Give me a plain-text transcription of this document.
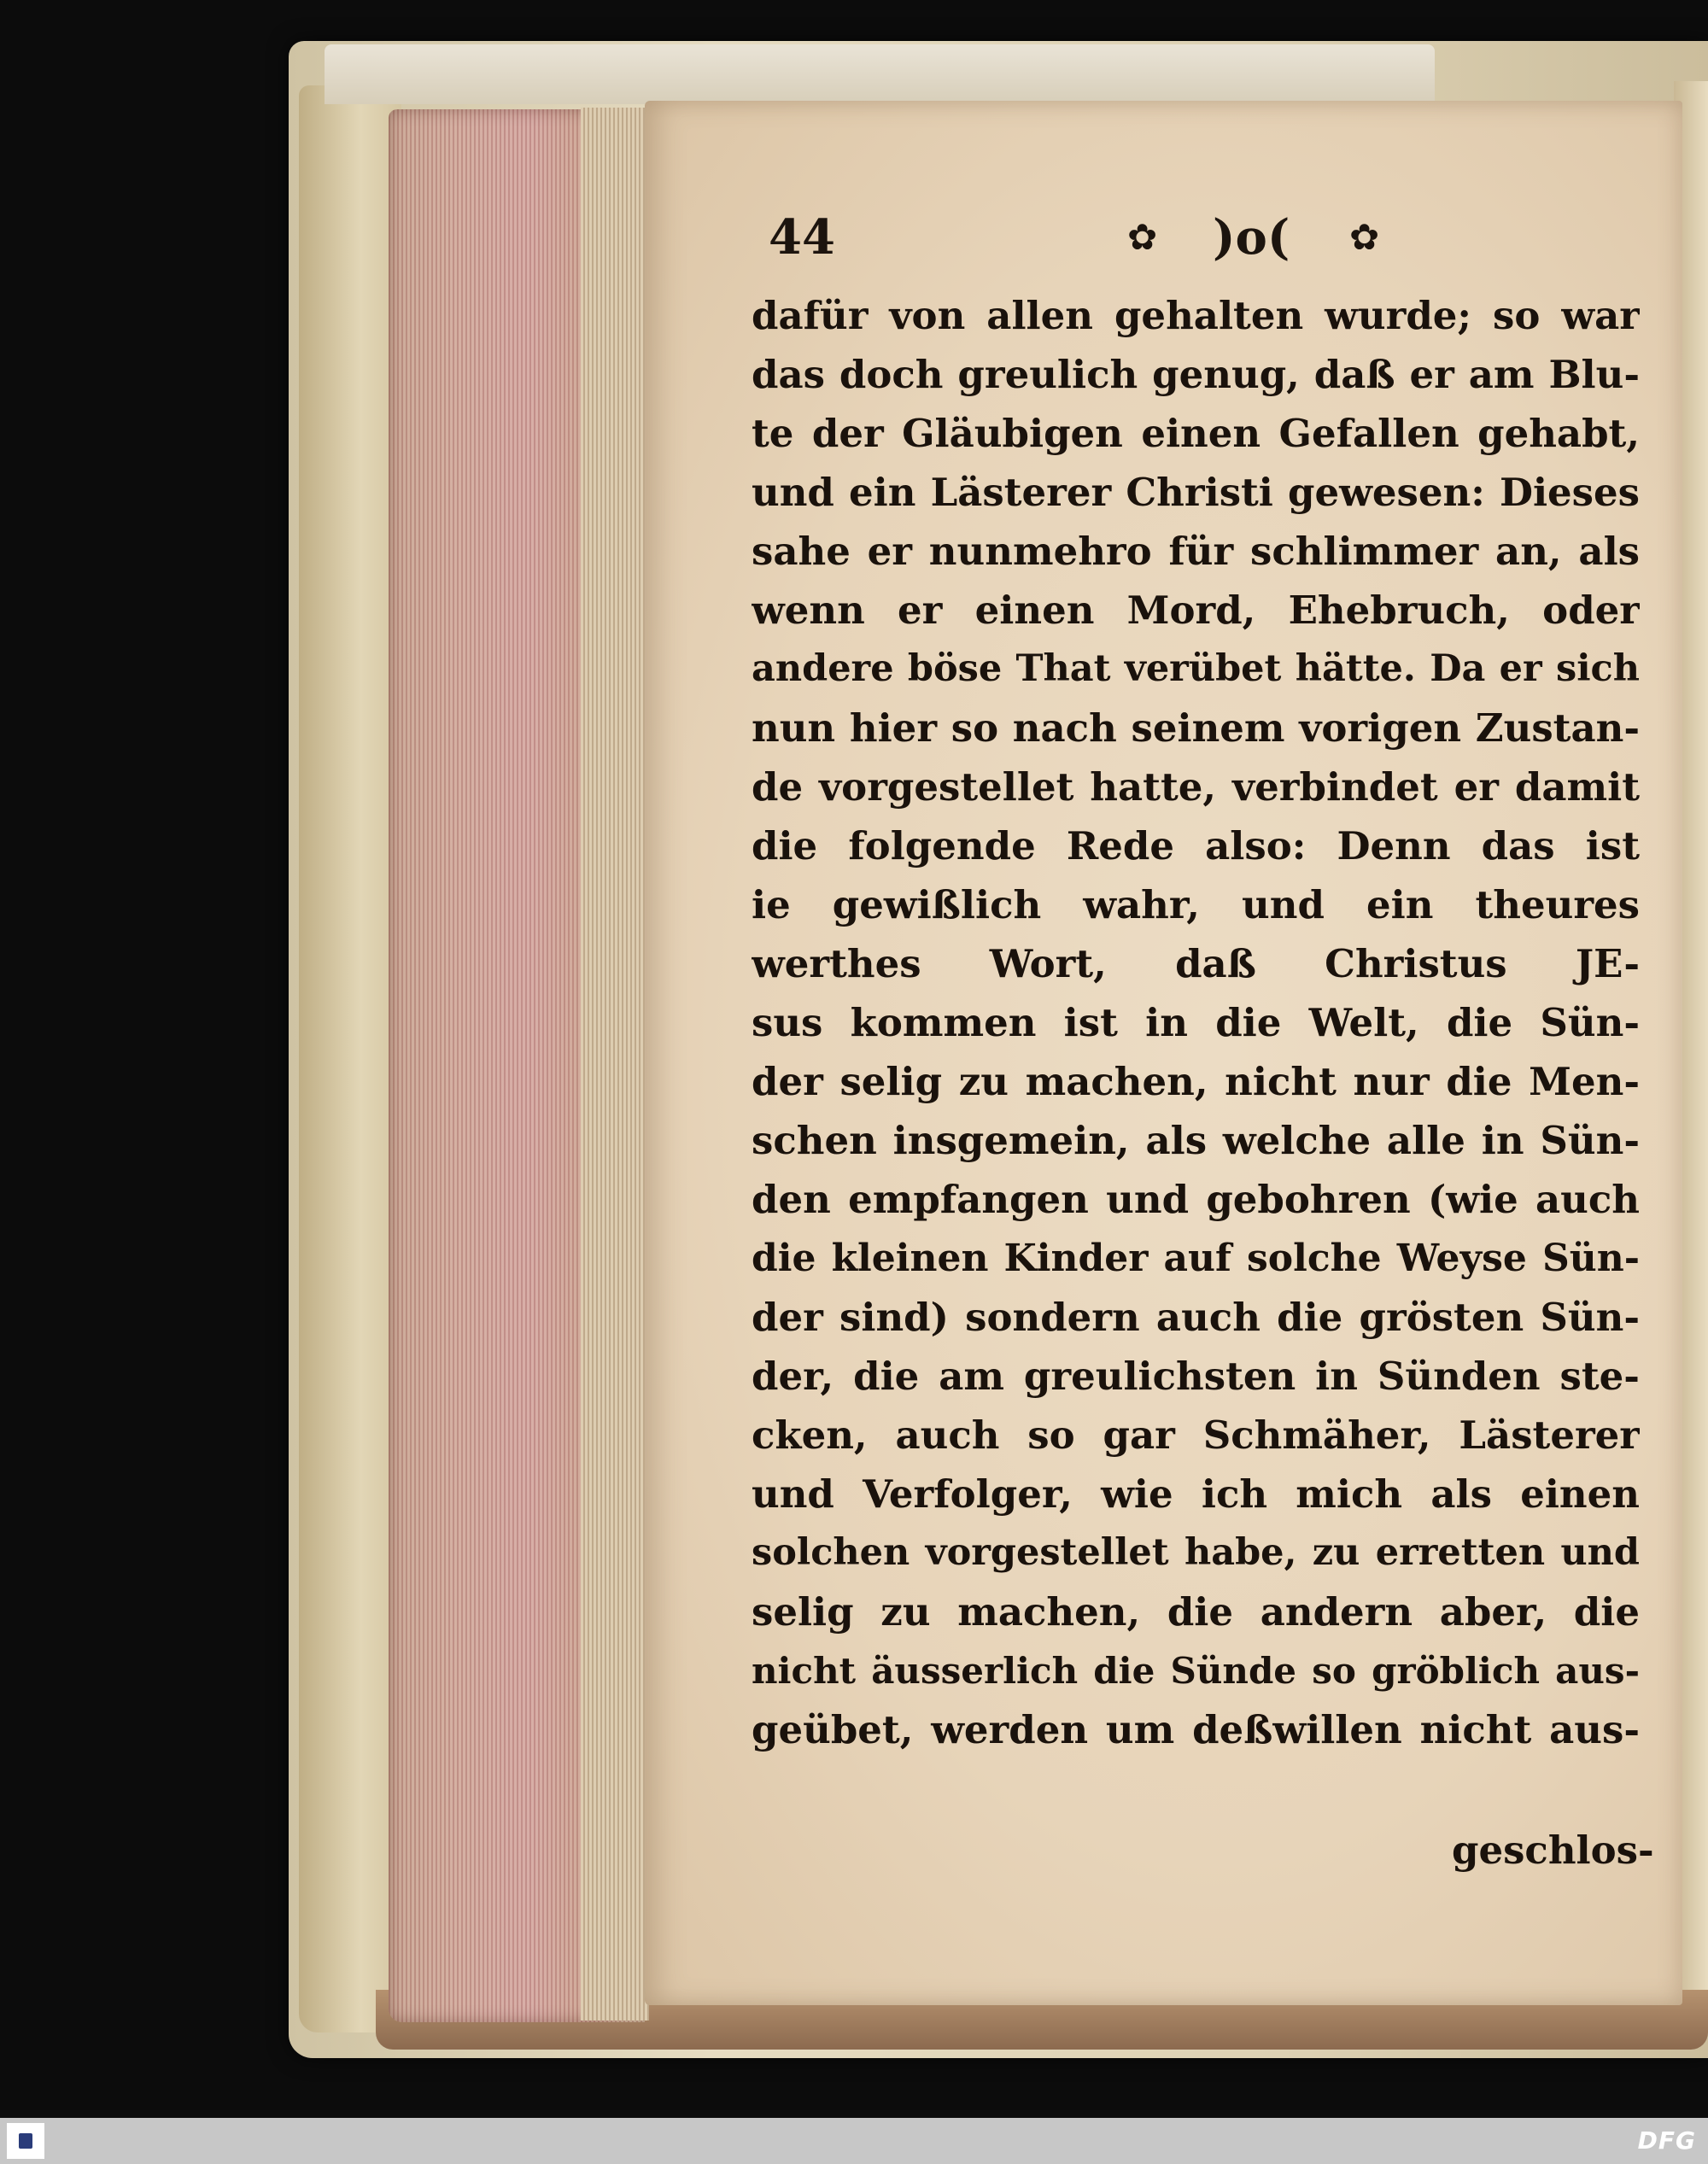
44	✿ )o( ✿
dafür von allen gehalten wurde; so war
das doch greulich genug, daß er am Blu-
te der Gläubigen einen Gefallen gehabt,
und ein Lästerer Christi gewesen: Dieses
sahe er nunmehro für schlimmer an, als
wenn er einen Mord, Ehebruch, oder
andere böse That verübet hätte. Da er sich
nun hier so nach seinem vorigen Zustan-
de vorgestellet hatte, verbindet er damit
die folgende Rede also: Denn das ist
ie gewißlich wahr, und ein theures
werthes Wort, daß Christus JE-
sus kommen ist in die Welt, die Sün-
der selig zu machen, nicht nur die Men-
schen insgemein, als welche alle in Sün-
den empfangen und gebohren (wie auch
die kleinen Kinder auf solche Weyse Sün-
der sind) sondern auch die grösten Sün-
der, die am greulichsten in Sünden ste-
cken, auch so gar Schmäher, Lästerer
und Verfolger, wie ich mich als einen
solchen vorgestellet habe, zu erretten und
selig zu machen, die andern aber, die
nicht äusserlich die Sünde so gröblich aus-
geübet, werden um deßwillen nicht aus-
geschlos-
DFG
